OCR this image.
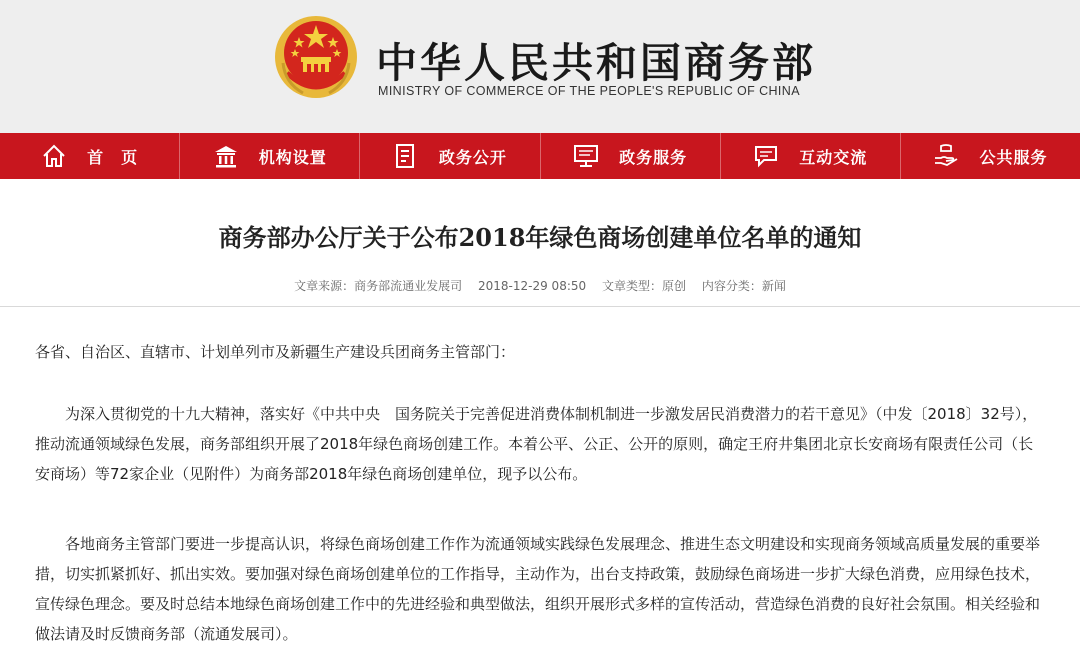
中华人民共和国商务部
MINISTRY OF COMMERCE OF THE PEOPLE'S REPUBLIC OF CHINA
首　页	机构设置	政务公开	政务服务	互动交流	公共服务
商务部办公厅关于公布2018年绿色商场创建单位名单的通知
文章来源：商务部流通业发展司 2018-12-29 08:50 文章类型：原创 内容分类：新闻

各省、自治区、直辖市、计划单列市及新疆生产建设兵团商务主管部门：

为深入贯彻党的十九大精神，落实好《中共中央　国务院关于完善促进消费体制机制进一步激发居民消费潜力的若干意见》（中发〔2018〕32号），推动流通领域绿色发展，商务部组织开展了2018年绿色商场创建工作。本着公平、公正、公开的原则，确定王府井集团北京长安商场有限责任公司（长安商场）等72家企业（见附件）为商务部2018年绿色商场创建单位，现予以公布。

各地商务主管部门要进一步提高认识，将绿色商场创建工作作为流通领域实践绿色发展理念、推进生态文明建设和实现商务领域高质量发展的重要举措，切实抓紧抓好、抓出实效。要加强对绿色商场创建单位的工作指导，主动作为，出台支持政策，鼓励绿色商场进一步扩大绿色消费，应用绿色技术，宣传绿色理念。要及时总结本地绿色商场创建工作中的先进经验和典型做法，组织开展形式多样的宣传活动，营造绿色消费的良好社会氛围。相关经验和做法请及时反馈商务部（流通发展司）。
